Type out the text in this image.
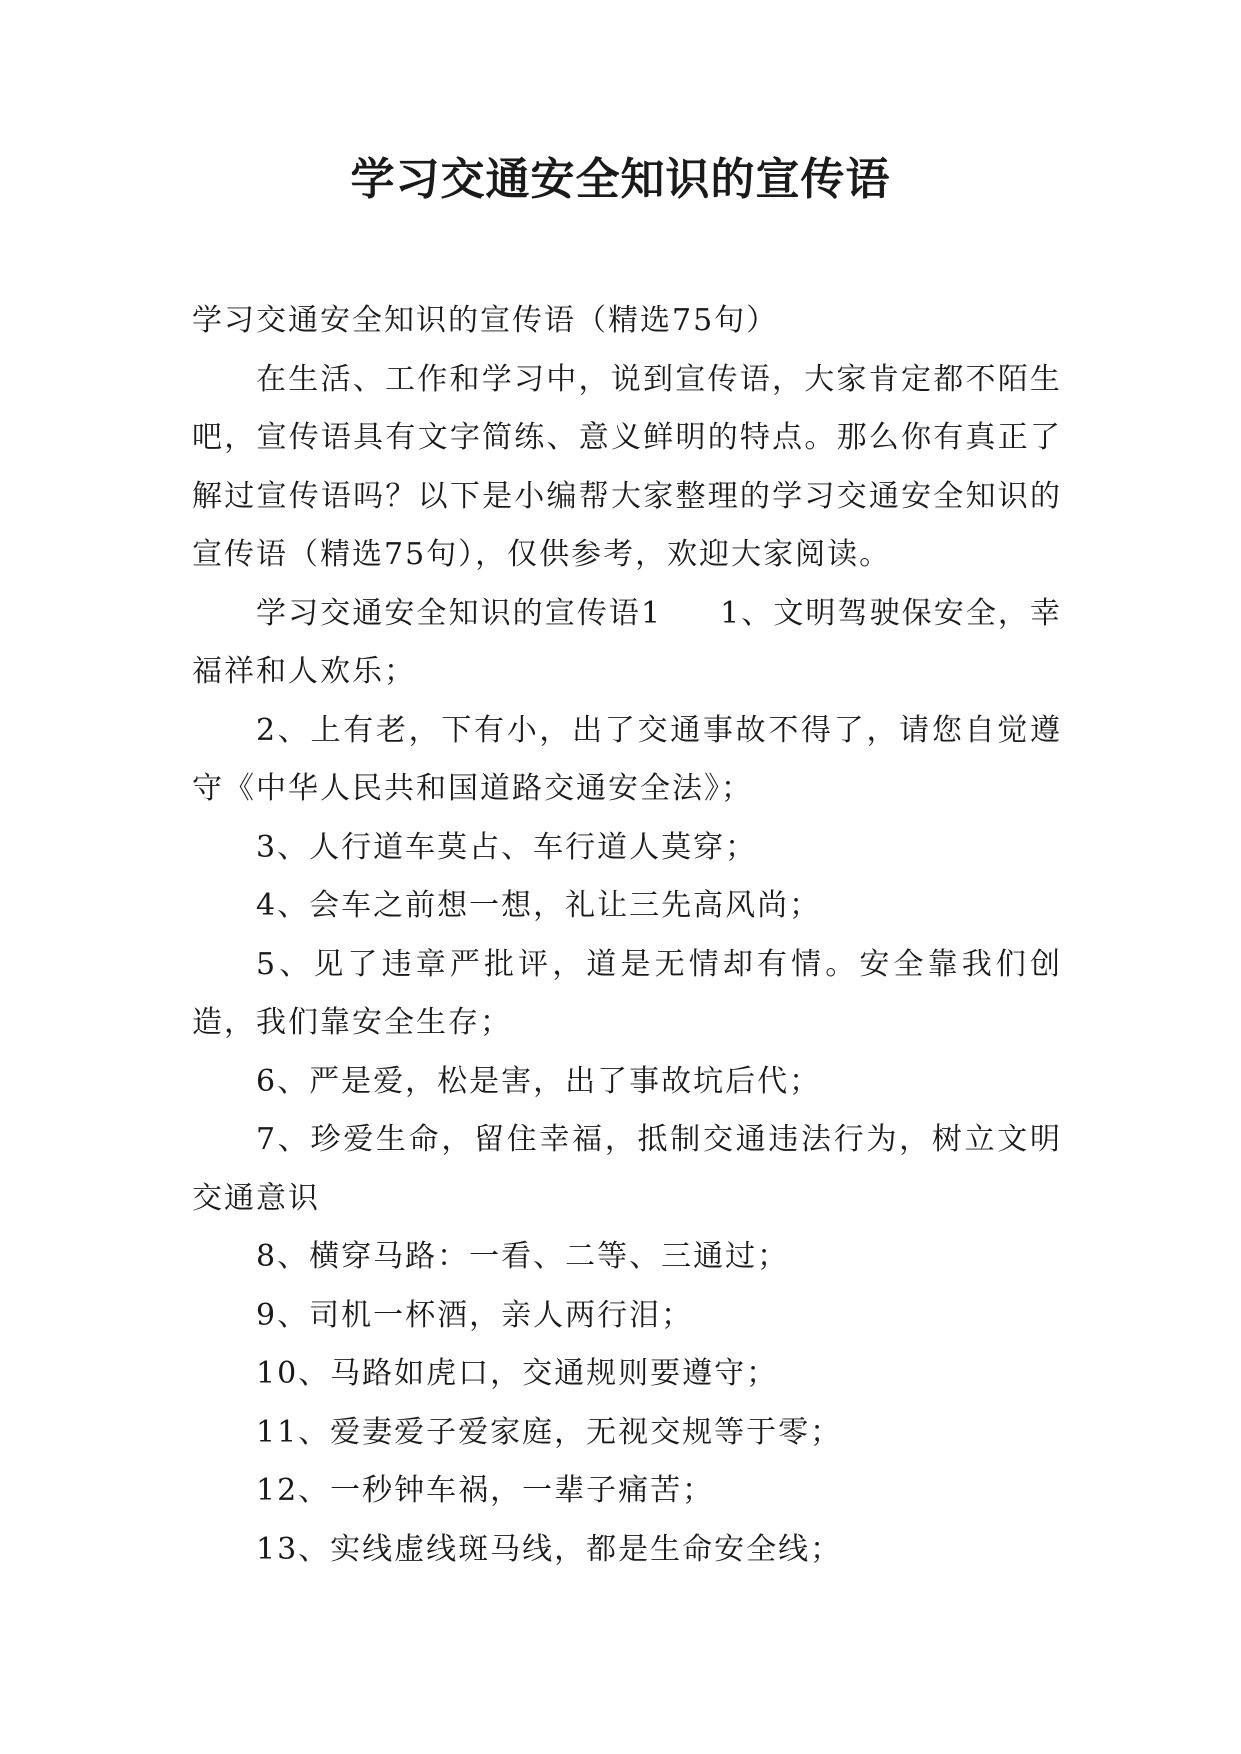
学习交通安全知识的宣传语

学习交通安全知识的宣传语（精选75句）

在生活、工作和学习中，说到宣传语，大家肯定都不陌生吧，宣传语具有文字简练、意义鲜明的特点。那么你有真正了解过宣传语吗？以下是小编帮大家整理的学习交通安全知识的宣传语（精选75句），仅供参考，欢迎大家阅读。

学习交通安全知识的宣传语1 1、文明驾驶保安全，幸福祥和人欢乐；

2、上有老，下有小，出了交通事故不得了，请您自觉遵守《中华人民共和国道路交通安全法》；

3、人行道车莫占、车行道人莫穿；

4、会车之前想一想，礼让三先高风尚；

5、见了违章严批评，道是无情却有情。安全靠我们创造，我们靠安全生存；

6、严是爱，松是害，出了事故坑后代；

7、珍爱生命，留住幸福，抵制交通违法行为，树立文明交通意识

8、横穿马路：一看、二等、三通过；

9、司机一杯酒，亲人两行泪；

10、马路如虎口，交通规则要遵守；

11、爱妻爱子爱家庭，无视交规等于零；

12、一秒钟车祸，一辈子痛苦；

13、实线虚线斑马线，都是生命安全线；
